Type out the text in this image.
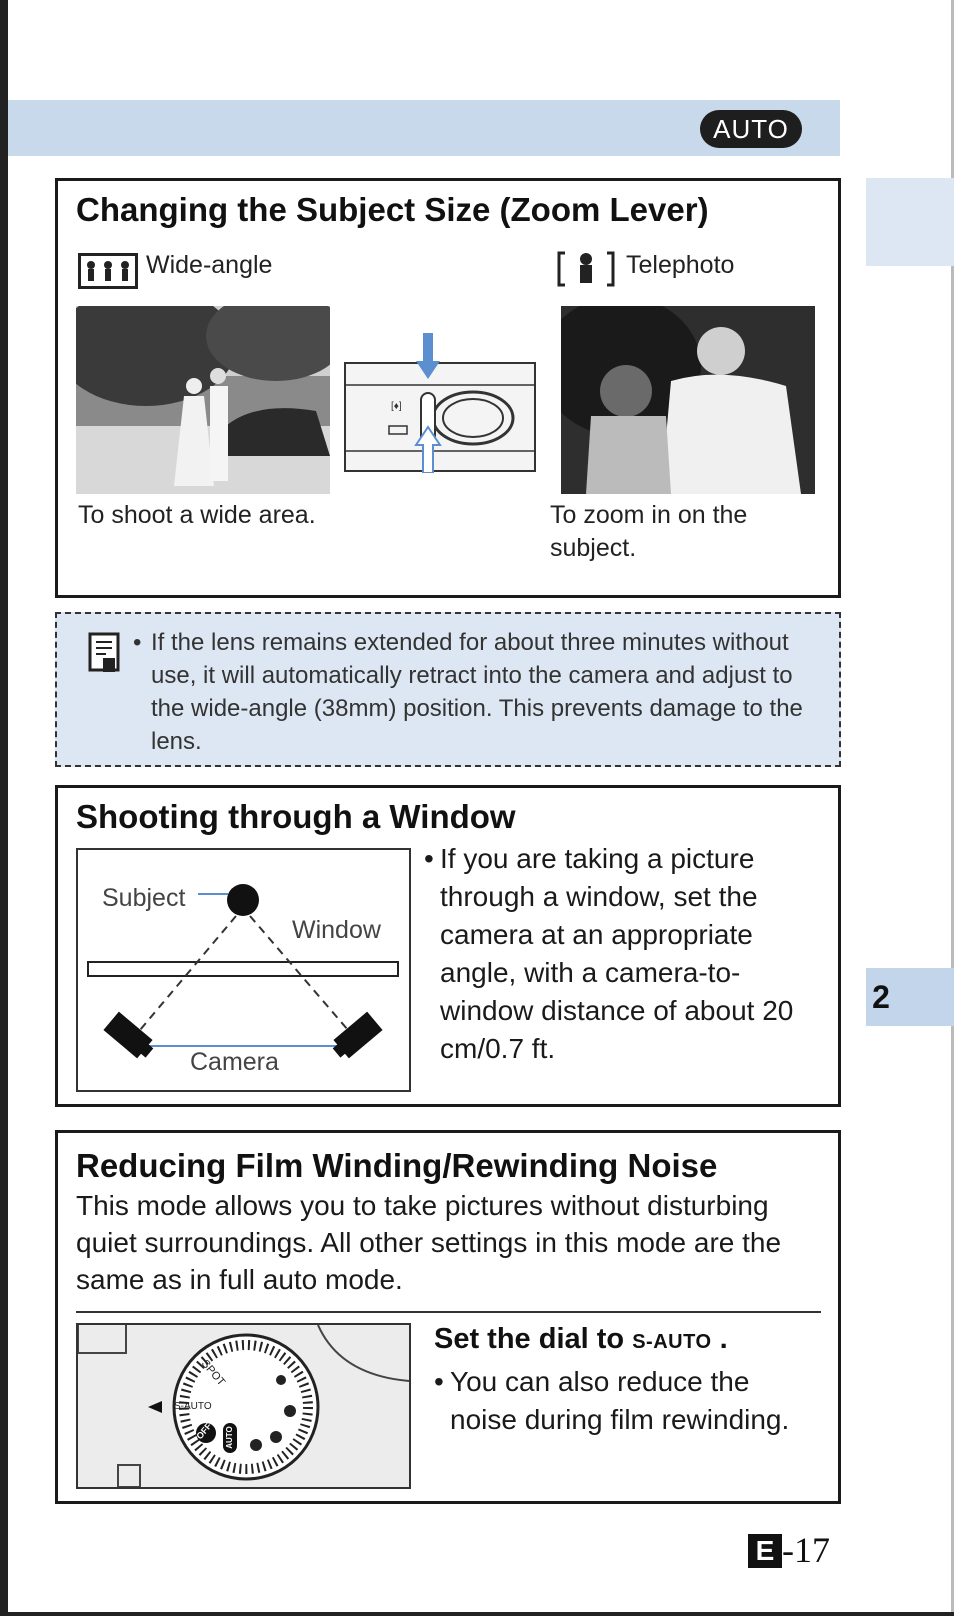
AUTO
2
Changing the Subject Size (Zoom Lever)
Wide-angle	Telephoto
[♦]
To shoot a wide area.	To zoom in on the subject.
• If the lens remains extended for about three minutes without use, it will automatically retract into the camera and adjust to the wide-angle (38mm) position. This prevents damage to the lens.
Shooting through a Window
Subject
Window
Camera
• If you are taking a picture through a window, set the camera at an appropriate angle, with a camera-to-window distance of about 20 cm/0.7 ft.
Reducing Film Winding/Rewinding Noise
This mode allows you to take pictures without disturbing quiet surroundings. All other settings in this mode are the same as in full auto mode.
SPOT
S-AUTO
OFF AUTO
Set the dial to S-AUTO .
• You can also reduce the noise during film rewinding.
E -17
